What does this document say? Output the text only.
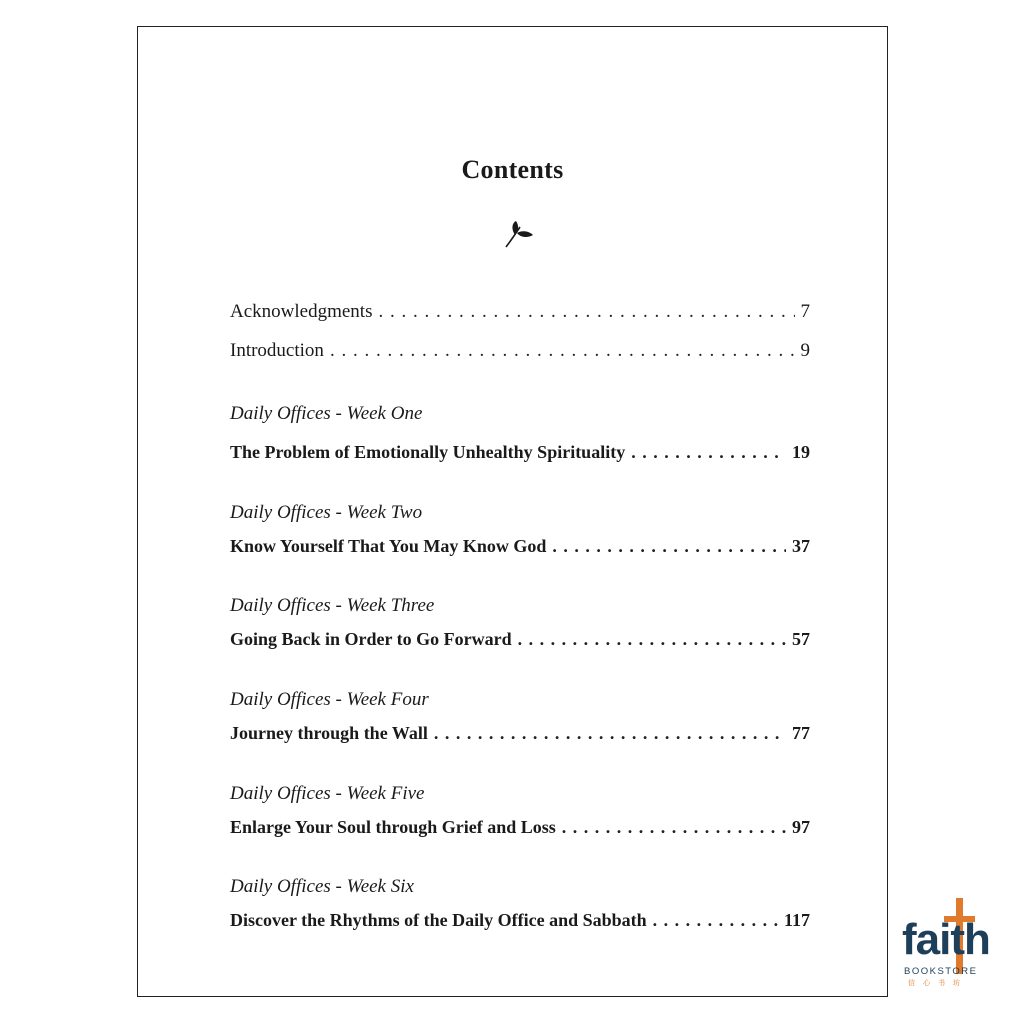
Contents
Acknowledgments . . .	7
Introduction . . .	9
Daily Offices - Week One
The Problem of Emotionally Unhealthy Spirituality . . .	19
Daily Offices - Week Two
Know Yourself That You May Know God . . .	37
Daily Offices - Week Three
Going Back in Order to Go Forward . . .	57
Daily Offices - Week Four
Journey through the Wall . . .	77
Daily Offices - Week Five
Enlarge Your Soul through Grief and Loss . . .	97
Daily Offices - Week Six
Discover the Rhythms of the Daily Office and Sabbath . . .	117 faith
BOOKSTORE
信心书坊
